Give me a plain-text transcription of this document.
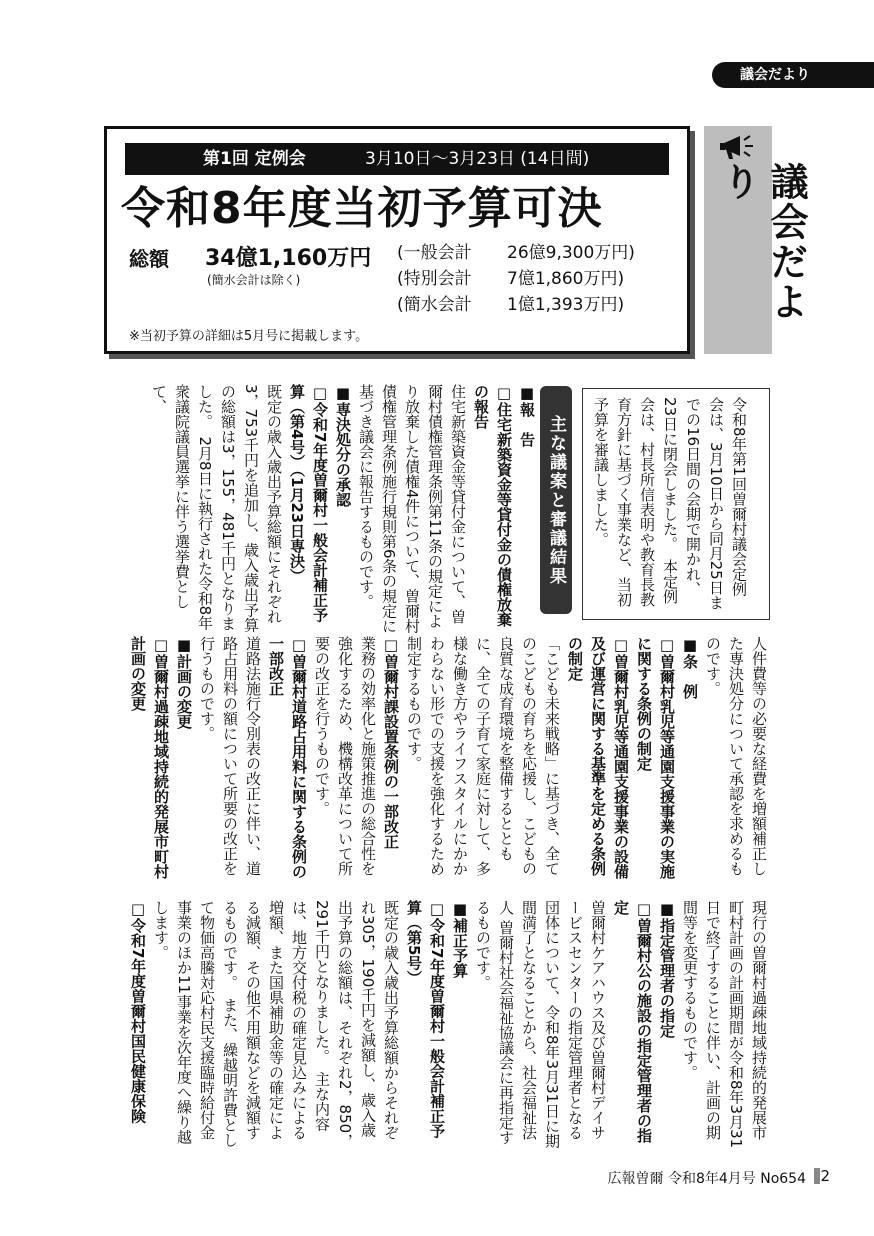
議会だより
第1回 定例会	3月10日〜3月23日 (14日間)
令和8年度当初予算可決
総額 34億1,160万円
(簡水会計は除く)
(一般会計 26億9,300万円)
(特別会計 7億1,860万円)
(簡水会計 1億1,393万円)
※当初予算の詳細は5月号に掲載します。
議会だより
令和8年第1回曽爾村議会定例会は、3月10日から同月25日までの16日間の会期で開かれ、23日に閉会しました。　本定例会は、村長所信表明や教育長教育方針に基づく事業など、当初予算を審議しました。
主な議案と審議結果
■報　告
□住宅新築資金等貸付金の債権放棄の報告
住宅新築資金等貸付金について、曽爾村債権管理条例第11条の規定により放棄した債権4件について、曽爾村債権管理条例施行規則第6条の規定に基づき議会に報告するものです。
■専決処分の承認
□令和7年度曽爾村一般会計補正予算（第4号）（1月23日専決）
既定の歳入歳出予算総額にそれぞれ3，753千円を追加し、歳入歳出予算の総額は3，155，481千円となりました。　2月8日に執行された令和8年衆議院議員選挙に伴う選挙費として、
人件費等の必要な経費を増額補正した専決処分について承認を求めるものです。
■条　例
□曽爾村乳児等通園支援事業の実施に関する条例の制定
□曽爾村乳児等通園支援事業の設備及び運営に関する基準を定める条例の制定
「こども未来戦略」に基づき、全てのこどもの育ちを応援し、こどもの良質な成育環境を整備するとともに、全ての子育て家庭に対して、多様な働き方やライフスタイルにかかわらない形での支援を強化するため制定するものです。
□曽爾村課設置条例の一部改正
業務の効率化と施策推進の総合性を強化するため、機構改革について所要の改正を行うものです。
□曽爾村道路占用料に関する条例の一部改正
道路法施行令別表の改正に伴い、道路占用料の額について所要の改正を行うものです。
■計画の変更
□曽爾村過疎地域持続的発展市町村計画の変更
現行の曽爾村過疎地域持続的発展市町村計画の計画期間が令和8年3月31日で終了することに伴い、計画の期間等を変更するものです。
■指定管理者の指定
□曽爾村公の施設の指定管理者の指定
曽爾村ケアハウス及び曽爾村デイサービスセンターの指定管理者となる団体について、令和8年3月31日に期間満了となることから、社会福祉法人 曽爾村社会福祉協議会に再指定するものです。
■補正予算
□令和7年度曽爾村一般会計補正予算（第5号）
既定の歳入歳出予算総額からそれぞれ305，190千円を減額し、歳入歳出予算の総額は、それぞれ2，850，291千円となりました。　主な内容は、地方交付税の確定見込みによる増額、また国県補助金等の確定による減額、その他不用額などを減額するものです。　また、繰越明許費として物価高騰対応村民支援臨時給付金事業のほか11事業を次年度へ繰り越します。
□令和7年度曽爾村国民健康保険
広報曽爾 令和8年4月号 No654 2
